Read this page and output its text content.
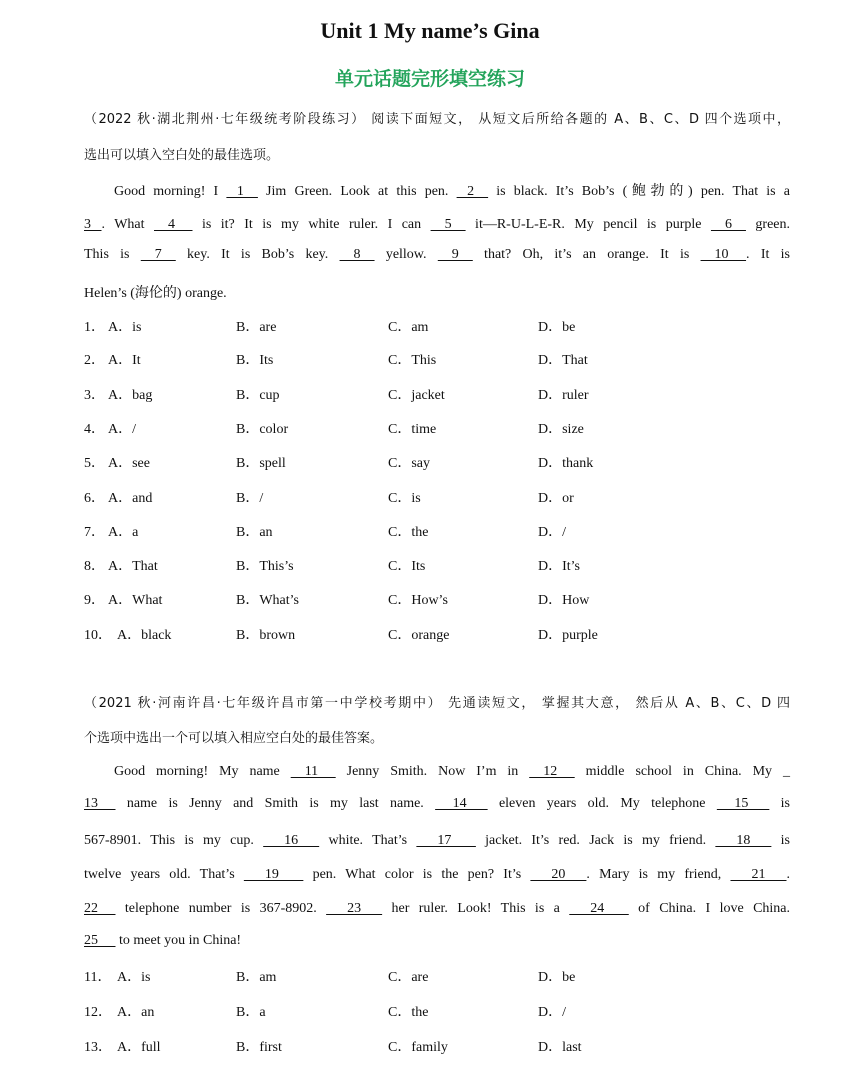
Unit 1 My name’s Gina
单元话题完形填空练习
（2022 秋·湖北荆州·七年级统考阶段练习） 阅读下面短文， 从短文后所给各题的 A、B、C、D 四个选项中，
选出可以填入空白处的最佳选项。
Good morning! I    1     Jim Green. Look at this pen.    2     is black. It’s Bob’s (鲍勃的) pen. That is a
3   . What     4      is it? It is my white ruler. I can     5     it—R-U-L-E-R. My pencil is purple     6     green.
This is     7     key. It is Bob’s key.     8     yellow.     9     that? Oh, it’s an orange. It is     10     . It is
Helen’s (海伦的) orange.
1． A．is	B．are	C．am	D．be
2． A．It	B．Its	C．This	D．That
3． A．bag	B．cup	C．jacket	D．ruler
4． A．/	B．color	C．time	D．size
5． A．see	B．spell	C．say	D．thank
6． A．and	B．/	C．is	D．or
7． A．a	B．an	C．the	D．/
8． A．That	B．This’s	C．Its	D．It’s
9． A．What	B．What’s	C．How’s	D．How
10． A．black	B．brown	C．orange	D．purple
（2021 秋·河南许昌·七年级许昌市第一中学校考期中） 先通读短文， 掌握其大意， 然后从 A、B、C、D 四
个选项中选出一个可以填入相应空白处的最佳答案。
Good morning! My name     11      Jenny Smith. Now I’m in     12      middle school in China. My _
13      name is Jenny and Smith is my last name.      14       eleven years old. My telephone      15       is
567-8901. This is my cup.       16       white. That’s       17        jacket. It’s red. Jack is my friend.       18       is
twelve years old. That’s       19        pen. What color is the pen? It’s       20      . Mary is my friend,       21      .
22      telephone number is 367-8902.       23       her ruler. Look! This is a       24        of China. I love China.
25      to meet you in China!
11． A．is	B．am	C．are	D．be
12． A．an	B．a	C．the	D．/
13． A．full	B．first	C．family	D．last
